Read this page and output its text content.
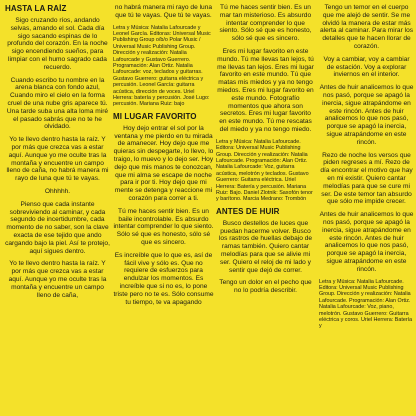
HASTA LA RAÍZ

Sigo cruzando ríos, andando selvas, amando el sol. Cada día sigo sacando espinas de lo profundo del corazón. En la noche sigo encendiendo sueños, para limpiar con el humo sagrado cada recuerdo.

Cuando escribo tu nombre en la arena blanca con fondo azul, Cuando miro el cielo en la forma cruel de una nube gris aparece tú. Una tarde suba una alta loma miré el pasado sabrás que no te he olvidado.

Yo te llevo dentro hasta la raíz. Y por más que crezca vas a estar aquí. Aunque yo me oculte tras la montaña y encuentre un campo lleno de caña, no habrá manera mi rayo de luna que tú te vayas.

Ohhhhh.

Pienso que cada instante sobreviviendo al caminar, y cada segundo de incertidumbre, cada momento de no saber, son la clave exacta de ese tejido que ando cargando bajo la piel. Así te protejo, aquí sigues dentro.

Yo te llevo dentro hasta la raíz. Y por más que crezca vas a estar aquí. Aunque yo me oculte tras la montaña y encuentre un campo lleno de caña,

no habrá manera mi rayo de luna que tú te vayas. Que tú te vayas.

Letra y Música: Natalia Lafourcade y Leonel García. Editoras: Universal Music Publishing Group o/b/o Polar Music / Universal Music Publishing Group. Dirección y realización: Natalia Lafourcade y Gustavo Guerrero. Programación: Alan Ortiz. Natalia Lafourcade: voz, teclados y guitarras. Gustavo Guerrero: guitarra eléctrica y percusión. Leonel García: guitarra acústica, dirección de voces. Uriel Herrera: batería y percusión. José Lugo: percusión. Mariana Ruiz: bajo

MI LUGAR FAVORITO

Hoy dejo entrar el sol por la ventana y me pierdo en tu mirada de amanecer. Hoy dejo que me quieras sin despegarte, lo llevo, lo traigo, lo muevo y lo dejo ser. Hoy dejo que mis manos te conozcan, que mi alma se escape de noche para ir por ti. Hoy dejo que mi mente se detenga y reaccione mi corazón para correr a ti.

Tú me haces sentir bien. Es un baile incontrolable. Es absurdo intentar comprender lo que siento. Sólo sé que es honesto, sólo sé que es sincero.

Es increíble que lo que es, así de fácil vive y sólo es. Que no requiere de esfuerzos para endulzar los momentos. Es increíble que si no es, lo pone triste pero no te es. Sólo consume tu tiempo, te va apagando

Tú me haces sentir bien. Es un mar tan misterioso. Es absurdo intentar comprender lo que siento. Sólo sé que es honesto, sólo sé que es sincero.

Eres mi lugar favorito en este mundo. Tú me llevas tan lejos, tú me llevas tan lejos. Eres mi lugar favorito en este mundo. Tú que matas mis miedos y ya no tengo miedos. Eres mi lugar favorito en este mundo. Fotografío momentos que ahora son secretos. Eres mi lugar favorito en este mundo. Tú me rescatas del miedo y ya no tengo miedo.

Letra y Música: Natalia Lafourcade. Editora: Universal Music Publishing Group. Dirección y realización: Natalia Lafourcade. Programación: Alan Ortiz. Natalia Lafourcade: Voz, guitarra acústica, melotrón y teclados. Gustavo Guerrero: Guitarra eléctrica. Uriel Herrera: Batería y percusión. Mariana Ruiz: Bajo. Daniel Zlotnik: Saxofón tenor y barítono. Marcia Medrano: Trombón

ANTES DE HUIR

Busco destellos de luces que puedan hacerme volver. Busco los rastros de huellas debajo de ramas también. Quiero cantar melodías para que se alivie mi ser. Quiero el reloj de mi lado y sentir que dejó de correr.

Tengo un dolor en el pecho que no lo podría describir.

Tengo un temor en el cuerpo que me alejó de sentir. Se me olvidó la manera de estar más alerta al caminar. Para mirar los detalles que te hacen llorar de corazón.

Voy a cambiar, voy a cambiar de estación. Voy a explorar inviernos en el interior.

Antes de huir analicemos lo que nos pasó, porque se apagó la inercia, sigue atrapándome en este rincón. Antes de huir analicemos lo que nos pasó, porque se apagó la inercia, sigue atrapándome en este rincón.

Rezo de noche los versos que piden regreses a mí. Rezo de día encontrar el motivo que hay en mi existir. Quiero cantar melodías para que se cure mi ser. De este temor tan absurdo que sólo me impide crecer.

Antes de huir analicemos lo que nos pasó, porque se apagó la inercia, sigue atrapándome en este rincón. Antes de huir analicemos lo que nos pasó, porque se apagó la inercia, sigue atrapándome en este rincón.

Letra y Música: Natalia Lafourcade. Editora: Universal Music Publishing Group. Dirección y realización: Natalia Lafourcade. Programación: Alan Ortiz. Natalia Lafourcade: Voz, piano, melotrón. Gustavo Guerrero: Guitarra eléctrica y coros. Uriel Herrera: Batería y
